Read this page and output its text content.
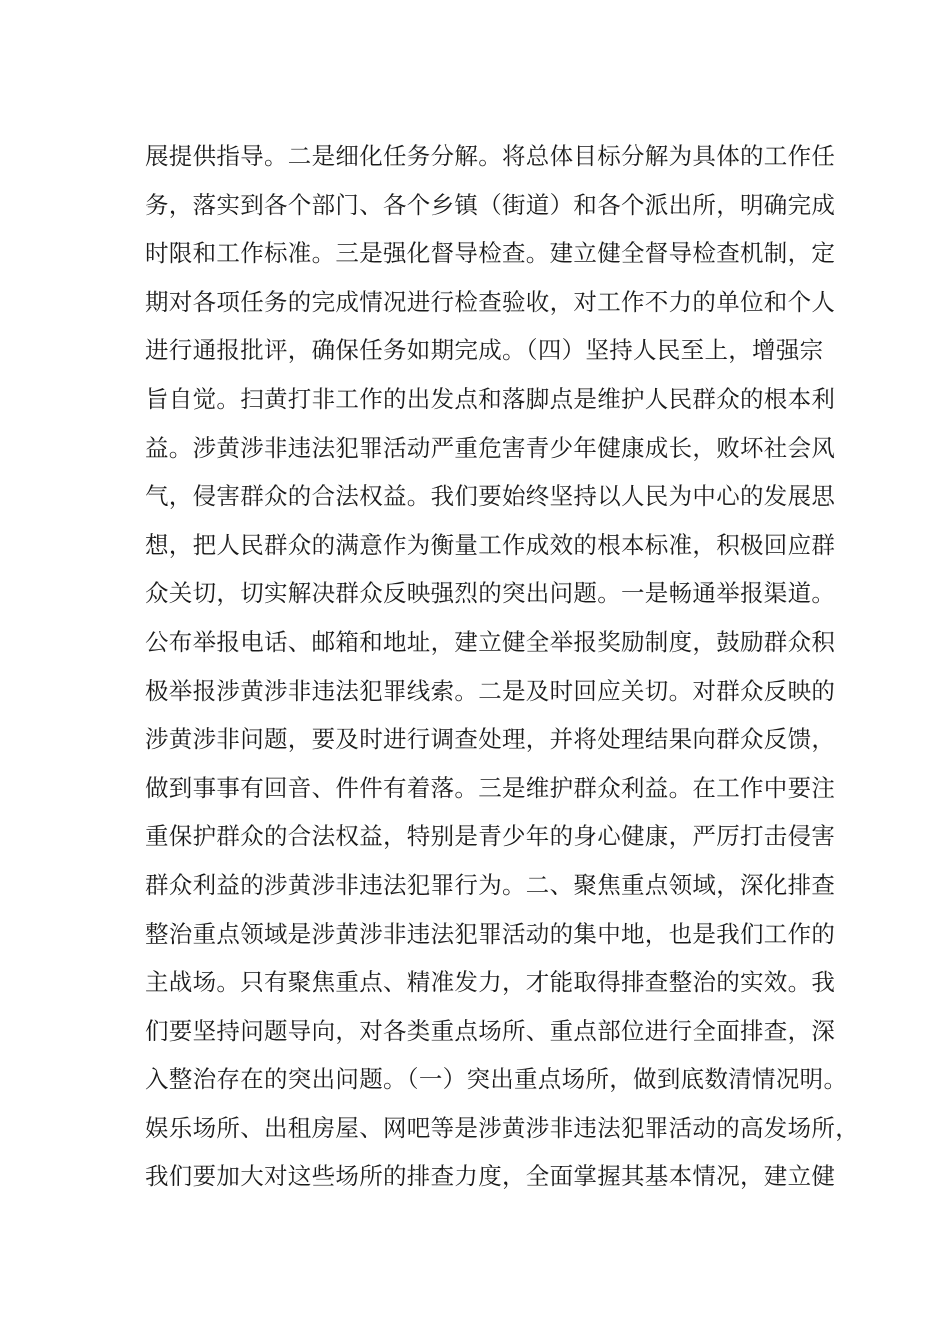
展提供指导。二是细化任务分解。将总体目标分解为具体的工作任
务，落实到各个部门、各个乡镇（街道）和各个派出所，明确完成
时限和工作标准。三是强化督导检查。建立健全督导检查机制，定
期对各项任务的完成情况进行检查验收，对工作不力的单位和个人
进行通报批评，确保任务如期完成。（四）坚持人民至上，增强宗
旨自觉。扫黄打非工作的出发点和落脚点是维护人民群众的根本利
益。涉黄涉非违法犯罪活动严重危害青少年健康成长，败坏社会风
气，侵害群众的合法权益。我们要始终坚持以人民为中心的发展思
想，把人民群众的满意作为衡量工作成效的根本标准，积极回应群
众关切，切实解决群众反映强烈的突出问题。一是畅通举报渠道。
公布举报电话、邮箱和地址，建立健全举报奖励制度，鼓励群众积
极举报涉黄涉非违法犯罪线索。二是及时回应关切。对群众反映的
涉黄涉非问题，要及时进行调查处理，并将处理结果向群众反馈，
做到事事有回音、件件有着落。三是维护群众利益。在工作中要注
重保护群众的合法权益，特别是青少年的身心健康，严厉打击侵害
群众利益的涉黄涉非违法犯罪行为。二、聚焦重点领域，深化排查
整治重点领域是涉黄涉非违法犯罪活动的集中地，也是我们工作的
主战场。只有聚焦重点、精准发力，才能取得排查整治的实效。我
们要坚持问题导向，对各类重点场所、重点部位进行全面排查，深
入整治存在的突出问题。（一）突出重点场所，做到底数清情况明。
娱乐场所、出租房屋、网吧等是涉黄涉非违法犯罪活动的高发场所，
我们要加大对这些场所的排查力度，全面掌握其基本情况，建立健
